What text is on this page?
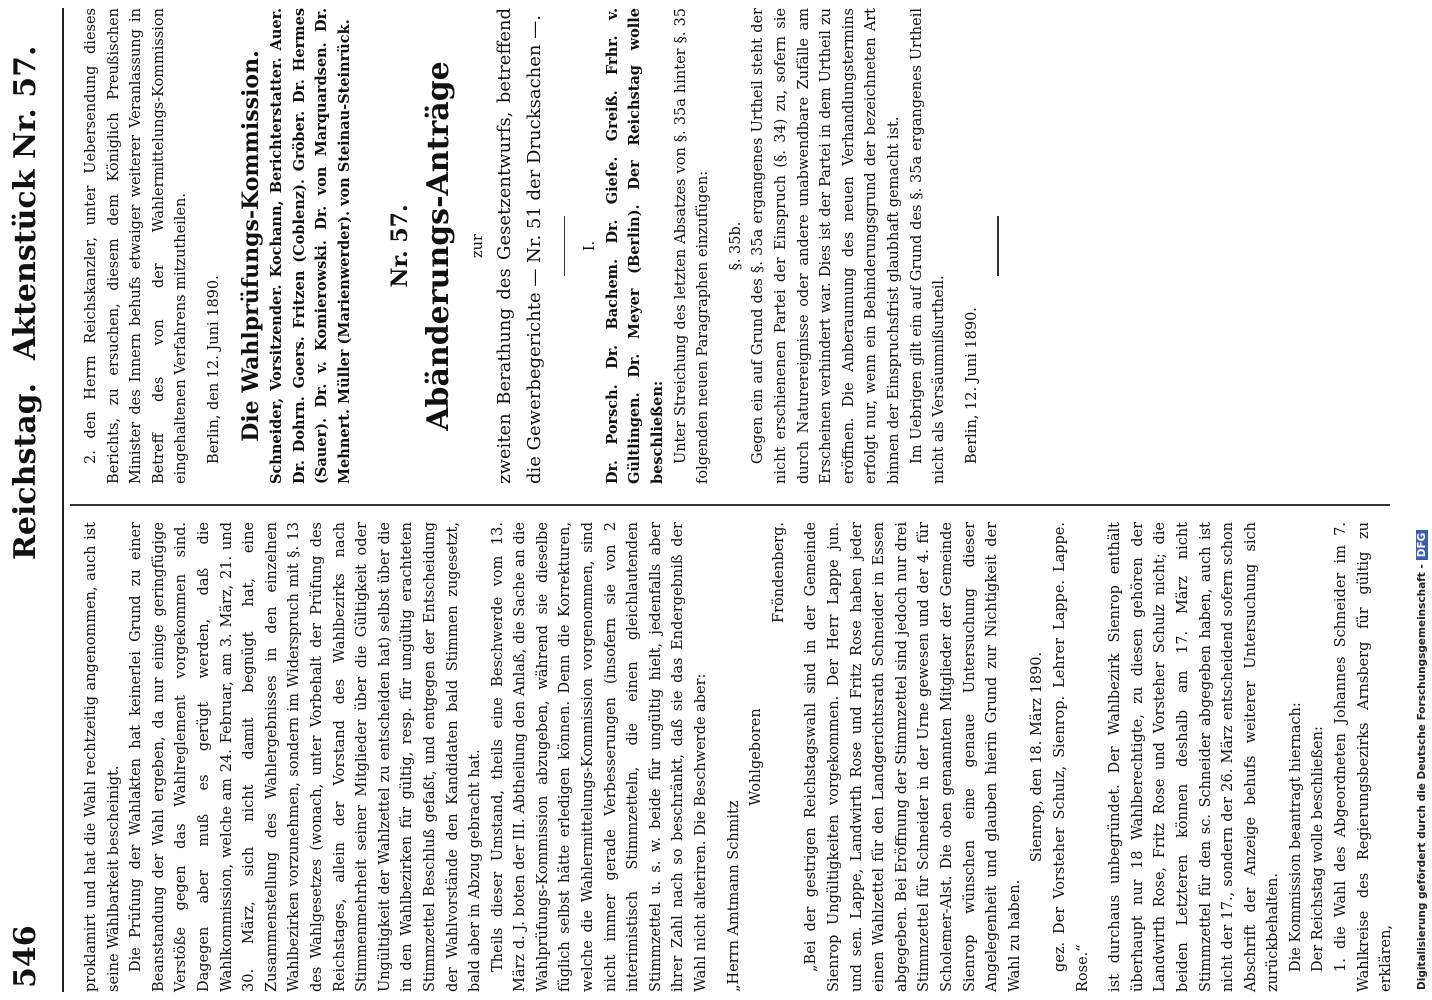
546
Reichstag.
Aktenstück Nr. 57.

proklamirt und hat die Wahl rechtzeitig angenommen, auch ist seine Wählbarkeit bescheinigt. Die Prüfung der Wahlakten hat keinerlei Grund zu einer Beanstandung der Wahl ergeben, da nur einige geringfügige Verstöße gegen das Wahlreglement vorgekommen sind. Dagegen aber muß es gerügt werden, daß die Wahlkommission, welche am 24. Februar, am 3. März, 21. und 30. März, sich nicht damit begnügt hat, eine Zusammenstellung des Wahlergebnisses in den einzelnen Wahlbezirken vorzunehmen, sondern im Widerspruch mit §. 13 des Wahlgesetzes (wonach, unter Vorbehalt der Prüfung des Reichstages, allein der Vorstand des Wahlbezirks nach Stimmenmehrheit seiner Mitglieder über die Gültigkeit oder Ungültigkeit der Wahlzettel zu entscheiden hat) selbst über die in den Wahlbezirken für gültig, resp. für ungültig erachteten Stimmzettel Beschluß gefaßt, und entgegen der Entscheidung der Wahlvorstände den Kandidaten bald Stimmen zugesetzt, bald aber in Abzug gebracht hat. Theils dieser Umstand, theils eine Beschwerde vom 13. März d. J. boten der III. Abtheilung den Anlaß, die Sache an die Wahlprüfungs-Kommission abzugeben, während sie dieselbe füglich selbst hätte erledigen können. Denn die Korrekturen, welche die Wahlermittelungs-Kommission vorgenommen, sind nicht immer gerade Verbesserungen (insofern sie von 2 interimistisch Stimmzetteln, die einen gleichlautenden Stimmzettel u. s. w. beide für ungültig hielt, jedenfalls aber ihrer Zahl nach so beschränkt, daß sie das Endergebniß der Wahl nicht alteriren. Die Beschwerde aber: „Herrn Amtmann Schmitz

Wohlgeboren

Fröndenberg. „Bei der gestrigen Reichstagswahl sind in der Gemeinde Sienrop Ungültigkeiten vorgekommen. Der Herr Lappe jun. und sen. Lappe, Landwirth Rose und Fritz Rose haben jeder einen Wahlzettel für den Landgerichtsrath Schneider in Essen abgegeben. Bei Eröffnung der Stimmzettel sind jedoch nur drei Stimmzettel für Schneider in der Urne gewesen und der 4. für Scholemer-Alst. Die oben genannten Mitglieder der Gemeinde Sienrop wünschen eine genaue Untersuchung dieser Angelegenheit und glauben hierin Grund zur Nichtigkeit der Wahl zu haben.

Sienrop, den 18. März 1890. gez. Der Vorsteher Schulz, Sienrop. Lehrer Lappe. Lappe. Rose.“ ist durchaus unbegründet. Der Wahlbezirk Sienrop enthält überhaupt nur 18 Wahlberechtigte, zu diesen gehören der Landwirth Rose, Fritz Rose und Vorsteher Schulz nicht; die beiden Letzteren können deshalb am 17. März nicht Stimmzettel für den sc. Schneider abgegeben haben, auch ist nicht der 17., sondern der 26. März entscheidend sofern schon Abschrift der Anzeige behufs weiterer Untersuchung sich zurückbehalten. Die Kommission beantragt hiernach: Der Reichstag wolle beschließen: 1. die Wahl des Abgeordneten Johannes Schneider im 7. Wahlkreise des Regierungsbezirks Arnsberg für gültig zu erklären,

2. den Herrn Reichskanzler, unter Uebersendung dieses Berichts, zu ersuchen, diesem dem Königlich Preußischen Minister des Innern behufs etwaiger weiterer Veranlassung in Betreff des von der Wahlermittelungs-Kommission eingehaltenen Verfahrens mitzutheilen. Berlin, den 12. Juni 1890. Die Wahlprüfungs-Kommission. Schneider, Vorsitzender. Kochann, Berichterstatter. Auer. Dr. Dohrn. Goers. Fritzen (Coblenz). Gröber. Dr. Hermes (Sauer). Dr. v. Komierowski. Dr. von Marquardsen. Dr. Mehnert. Müller (Marienwerder). von Steinau-Steinrück. Nr. 57. Abänderungs-Anträge zur zweiten Berathung des Gesetzentwurfs, betreffend die Gewerbegerichte — Nr. 51 der Drucksachen —.	I. Dr. Porsch. Dr. Bachem. Dr. Gieſe. Greiß. Frhr. v. Gültlingen. Dr. Meyer (Berlin). Der Reichstag wolle beschließen: Unter Streichung des letzten Absatzes von §. 35a hinter §. 35 folgenden neuen Paragraphen einzufügen: §. 35b. Gegen ein auf Grund des §. 35a ergangenes Urtheil steht der nicht erschienenen Partei der Einspruch (§. 34) zu, sofern sie durch Naturereignisse oder andere unabwendbare Zufälle am Erscheinen verhindert war. Dies ist der Partei in dem Urtheil zu eröffnen. Die Anberaumung des neuen Verhandlungstermins erfolgt nur, wenn ein Behinderungsgrund der bezeichneten Art binnen der Einspruchsfrist glaubhaft gemacht ist. Im Uebrigen gilt ein auf Grund des §. 35a ergangenes Urtheil nicht als Versäumnißurtheil. Berlin, 12. Juni 1890.

Digitalisierung gefördert durch die Deutsche Forschungsgemeinschaft -DFG
